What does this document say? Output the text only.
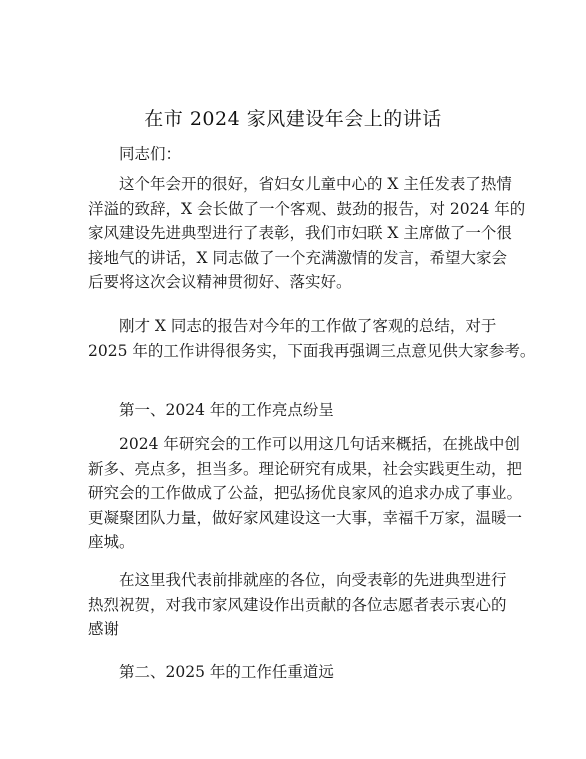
在市 2024 家风建设年会上的讲话
同志们：
这个年会开的很好，省妇女儿童中心的 X 主任发表了热情
洋溢的致辞，X 会长做了一个客观、鼓劲的报告，对 2024 年的
家风建设先进典型进行了表彰，我们市妇联 X 主席做了一个很
接地气的讲话，X 同志做了一个充满激情的发言，希望大家会
后要将这次会议精神贯彻好、落实好。
刚才 X 同志的报告对今年的工作做了客观的总结，对于
2025 年的工作讲得很务实，下面我再强调三点意见供大家参考。
第一、2024 年的工作亮点纷呈
2024 年研究会的工作可以用这几句话来概括，在挑战中创
新多、亮点多，担当多。理论研究有成果，社会实践更生动，把
研究会的工作做成了公益，把弘扬优良家风的追求办成了事业。
更凝聚团队力量，做好家风建设这一大事，幸福千万家，温暖一
座城。
在这里我代表前排就座的各位，向受表彰的先进典型进行
热烈祝贺，对我市家风建设作出贡献的各位志愿者表示衷心的
感谢
第二、2025 年的工作任重道远
